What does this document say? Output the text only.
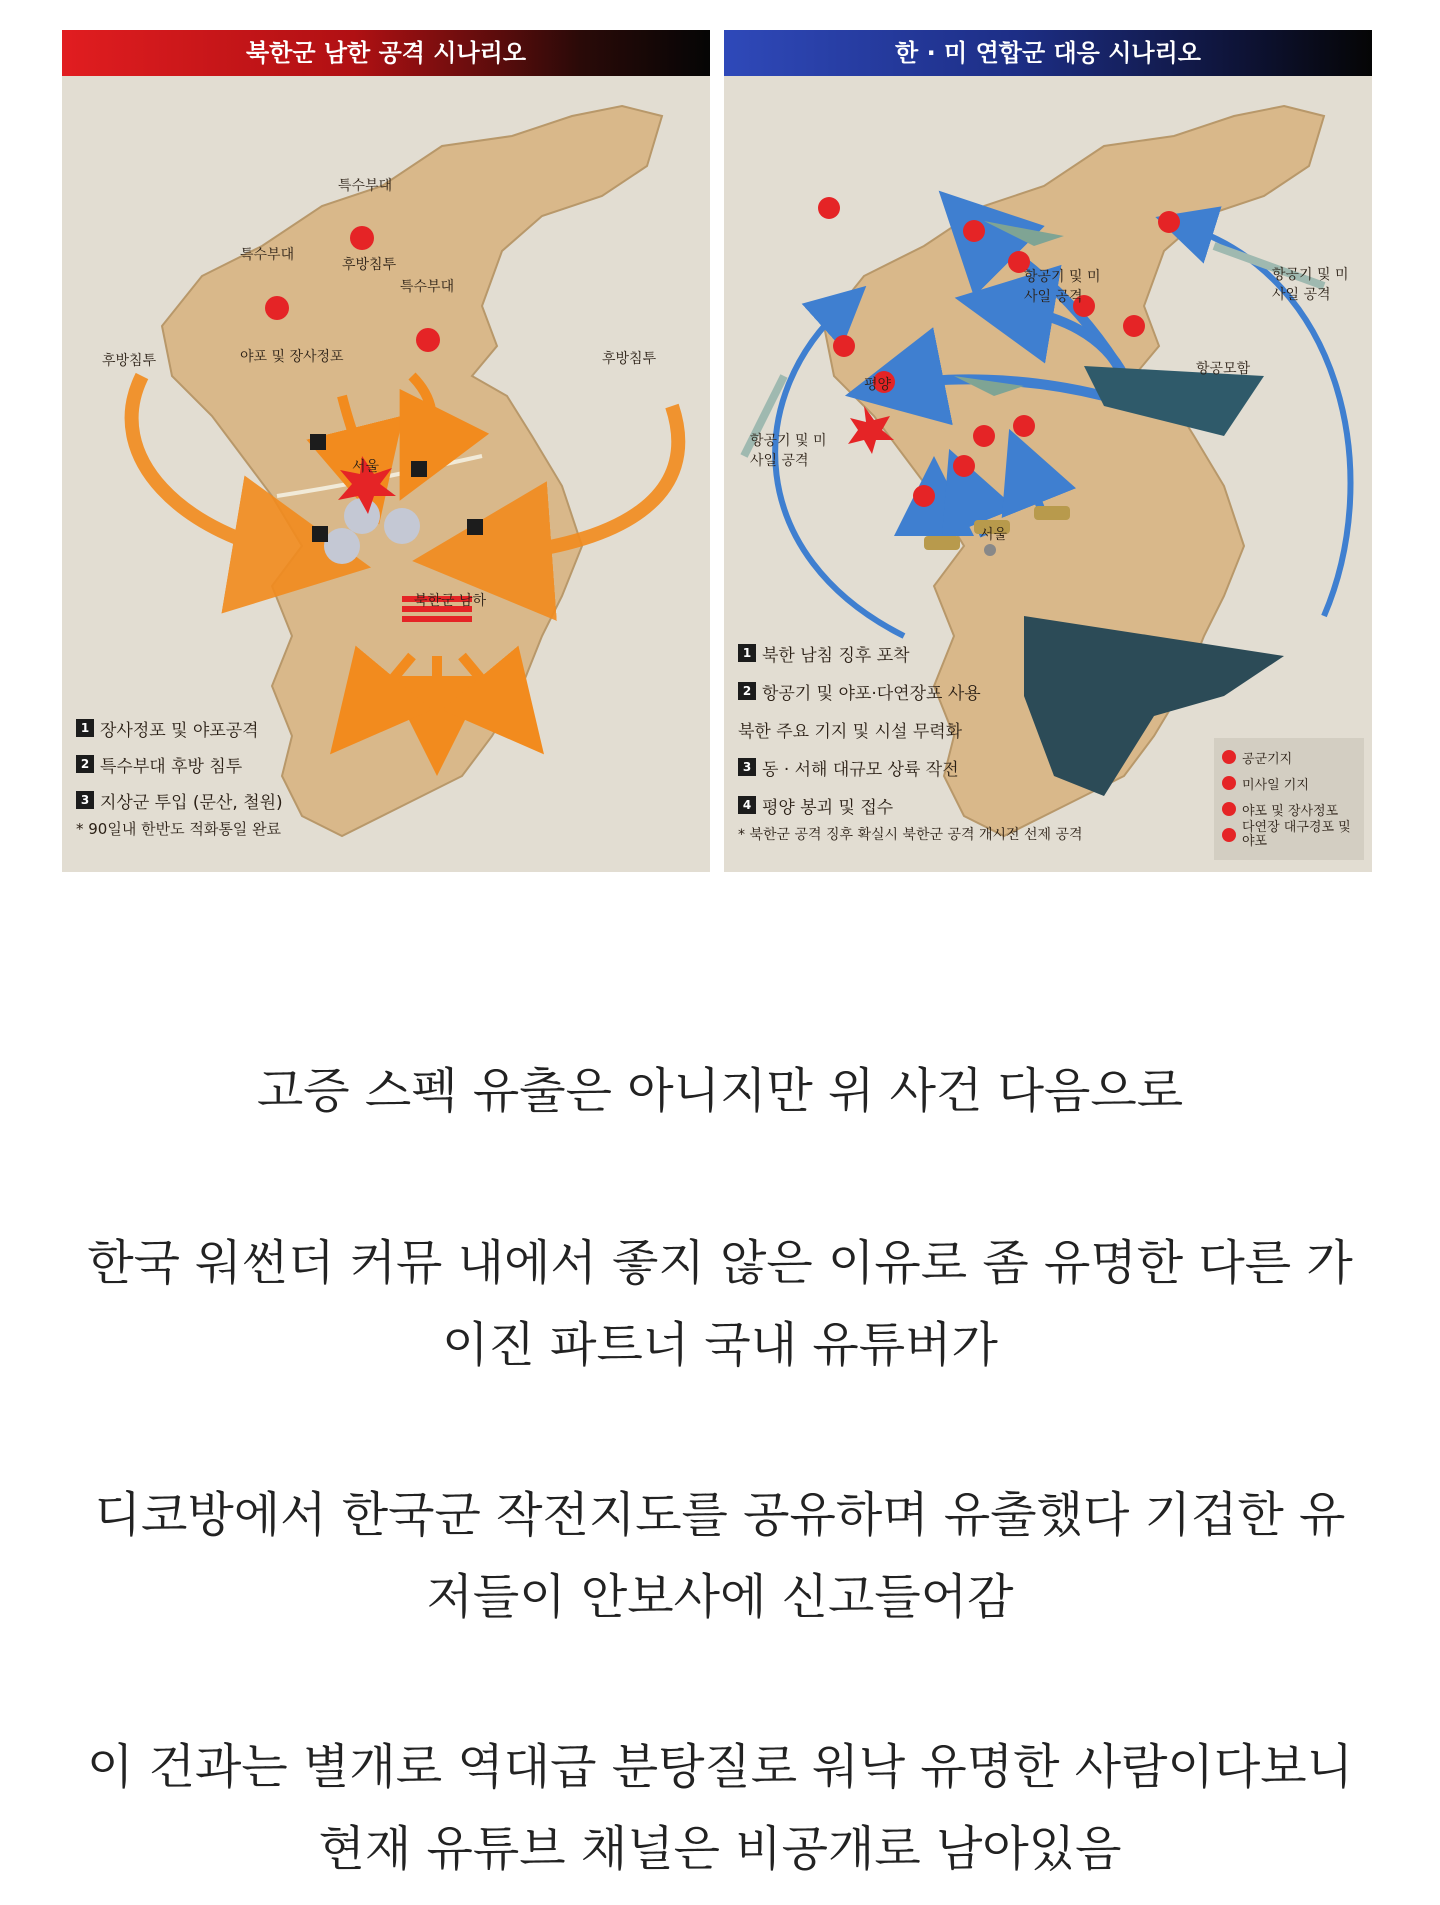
북한군 남한 공격 시나리오
특수부대
특수부대
특수부대
후방침투
후방침투	후방침투
야포 및 장사정포
서울
북한군 남하
1 장사정포 및 야포공격
2 특수부대 후방 침투
3 지상군 투입 (문산, 철원)
* 90일내 한반도 적화통일 완료
한 · 미 연합군 대응 시나리오
항공기 및 미사일 공격
항공기 및 미사일 공격
항공기 및 미사일 공격
항공모함
평양
서울
1 북한 남침 징후 포착
2 항공기 및 야포·다연장포 사용
북한 주요 기지 및 시설 무력화
3 동 · 서해 대규모 상륙 작전
4 평양 봉괴 및 접수
* 북한군 공격 징후 확실시 북한군 공격 개시전 선제 공격
공군기지
미사일 기지
야포 및 장사정포
다연장 대구경포 및 야포
고증 스펙 유출은 아니지만 위 사건 다음으로
한국 워썬더 커뮤 내에서 좋지 않은 이유로 좀 유명한 다른 가
이진 파트너 국내 유튜버가
디코방에서 한국군 작전지도를 공유하며 유출했다 기겁한 유
저들이 안보사에 신고들어감
이 건과는 별개로 역대급 분탕질로 워낙 유명한 사람이다보니
현재 유튜브 채널은 비공개로 남아있음
